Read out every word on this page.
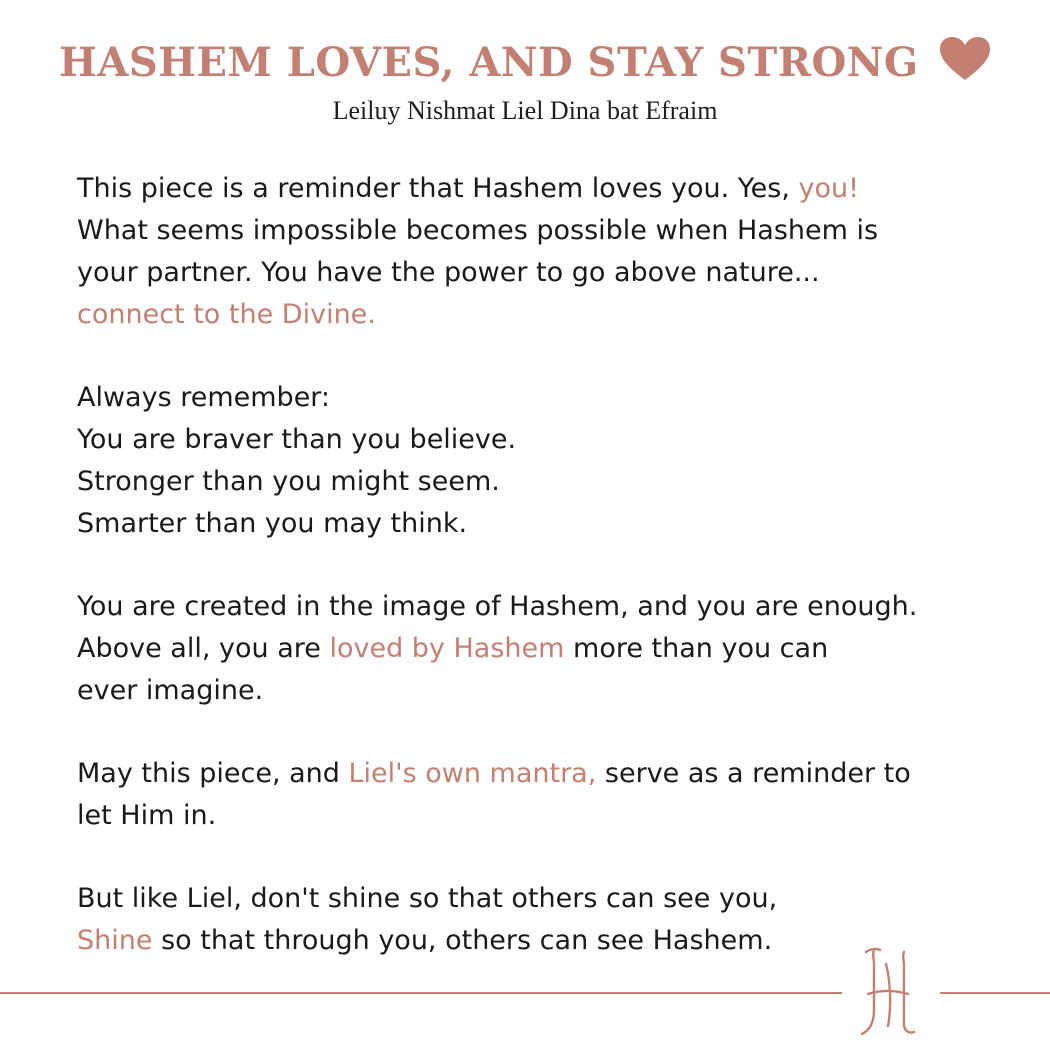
HASHEM LOVES, AND STAY STRONG
Leiluy Nishmat Liel Dina bat Efraim
This piece is a reminder that Hashem loves you. Yes, you!
What seems impossible becomes possible when Hashem is
your partner. You have the power to go above nature...
connect to the Divine.
Always remember:
You are braver than you believe.
Stronger than you might seem.
Smarter than you may think.
You are created in the image of Hashem, and you are enough.
Above all, you are loved by Hashem more than you can
ever imagine.
May this piece, and Liel's own mantra, serve as a reminder to
let Him in.
But like Liel, don't shine so that others can see you,
Shine so that through you, others can see Hashem.
